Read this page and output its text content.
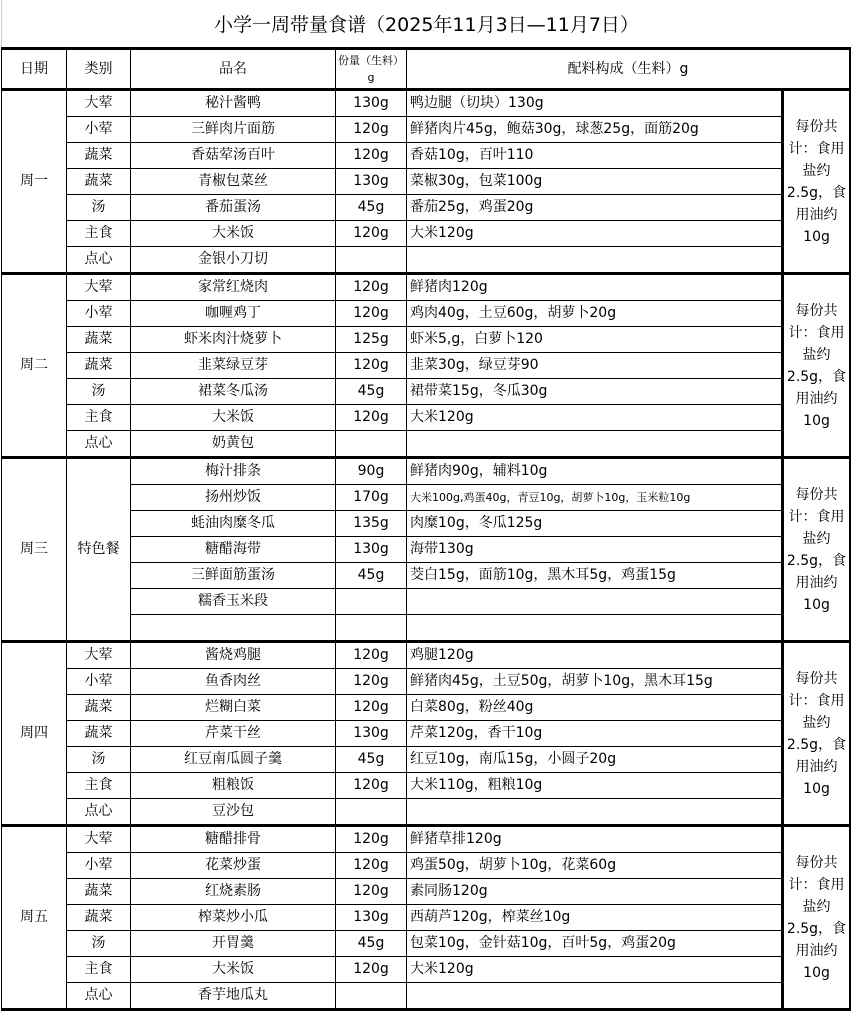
小学一周带量食谱（2025年11月3日—11月7日）
日期	类别	品名	份量（生料）g	配料构成（生料）g	
周一	大荤	秘汁酱鸭	130g	鸭边腿（切块）130g	每份共计：食用盐约2.5g，食用油约10g
	小荤	三鲜肉片面筋	120g	鲜猪肉片45g，鲍菇30g，球葱25g，面筋20g	
	蔬菜	香菇荤汤百叶	120g	香菇10g，百叶110	
	蔬菜	青椒包菜丝	130g	菜椒30g，包菜100g	
	汤	番茄蛋汤	45g	番茄25g，鸡蛋20g	
	主食	大米饭	120g	大米120g	
	点心	金银小刀切			
周二	大荤	家常红烧肉	120g	鲜猪肉120g	每份共计：食用盐约2.5g，食用油约10g
	小荤	咖喱鸡丁	120g	鸡肉40g，土豆60g，胡萝卜20g	
	蔬菜	虾米肉汁烧萝卜	125g	虾米5,g，白萝卜120	
	蔬菜	韭菜绿豆芽	120g	韭菜30g，绿豆芽90	
	汤	裙菜冬瓜汤	45g	裙带菜15g，冬瓜30g	
	主食	大米饭	120g	大米120g	
	点心	奶黄包			
周三	特色餐	梅汁排条	90g	鲜猪肉90g，辅料10g	每份共计：食用盐约2.5g，食用油约10g
		扬州炒饭	170g	大米100g,鸡蛋40g，青豆10g，胡萝卜10g，玉米粒10g	
		蚝油肉糜冬瓜	135g	肉糜10g，冬瓜125g	
		糖醋海带	130g	海带130g	
		三鲜面筋蛋汤	45g	茭白15g，面筋10g，黑木耳5g，鸡蛋15g	
		糯香玉米段			

周四	大荤	酱烧鸡腿	120g	鸡腿120g	每份共计：食用盐约2.5g，食用油约10g
	小荤	鱼香肉丝	120g	鲜猪肉45g，土豆50g，胡萝卜10g，黑木耳15g	
	蔬菜	烂糊白菜	120g	白菜80g，粉丝40g	
	蔬菜	芹菜干丝	130g	芹菜120g，香干10g	
	汤	红豆南瓜圆子羹	45g	红豆10g，南瓜15g，小圆子20g	
	主食	粗粮饭	120g	大米110g，粗粮10g	
	点心	豆沙包			
周五	大荤	糖醋排骨	120g	鲜猪草排120g	每份共计：食用盐约2.5g，食用油约10g
	小荤	花菜炒蛋	120g	鸡蛋50g，胡萝卜10g，花菜60g	
	蔬菜	红烧素肠	120g	素同肠120g	
	蔬菜	榨菜炒小瓜	130g	西葫芦120g，榨菜丝10g	
	汤	开胃羹	45g	包菜10g，金针菇10g，百叶5g，鸡蛋20g	
	主食	大米饭	120g	大米120g	
	点心	香芋地瓜丸			
